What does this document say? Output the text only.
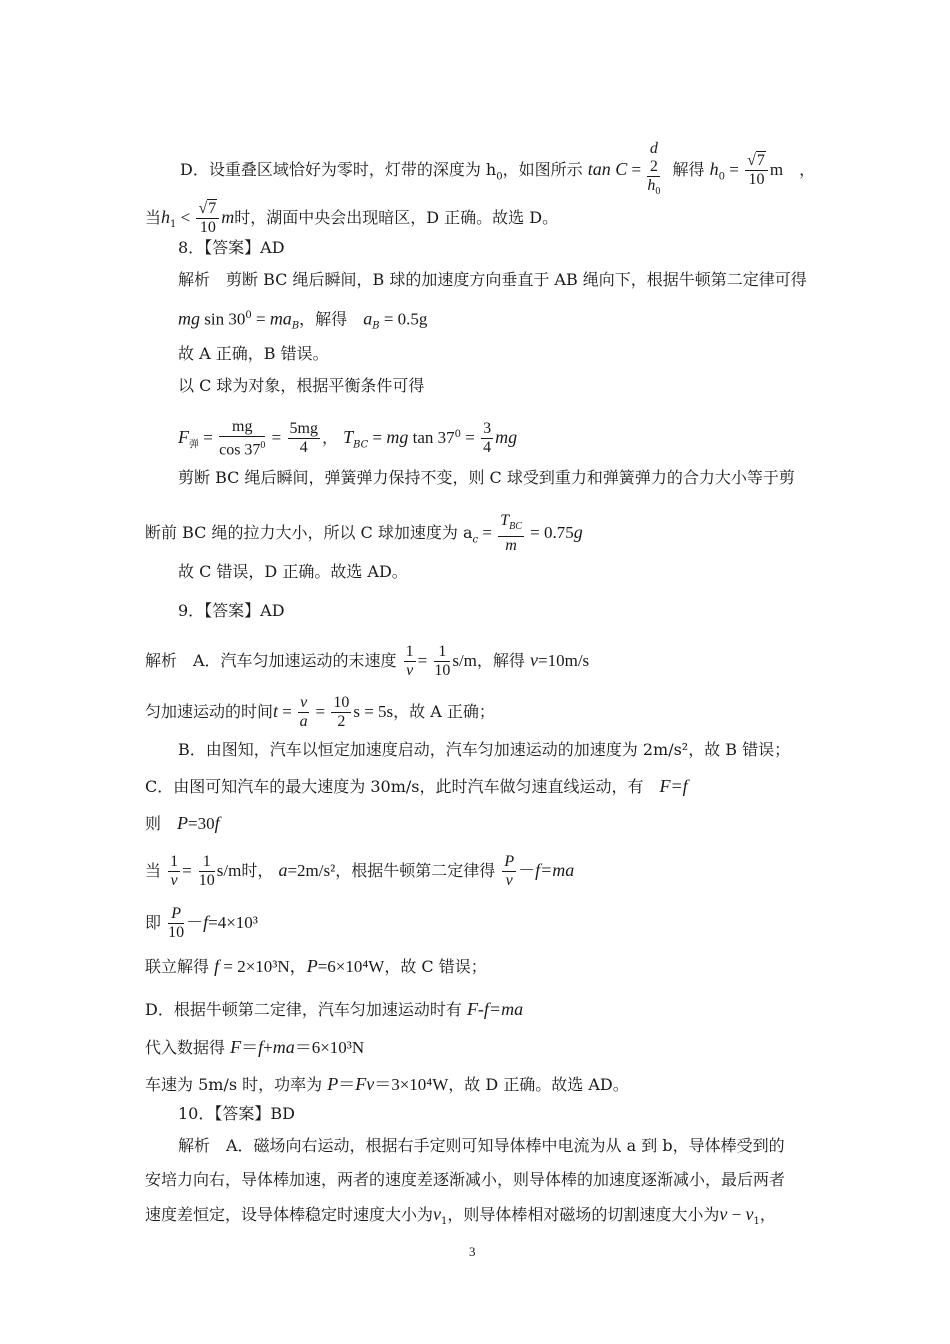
D．设重叠区域恰好为零时，灯带的深度为 $h_0$，如图所示 tan C =
d
2
$h_0$
解得 $h_0 = \frac{√7}{10}$ m　，
当$h_1 < \frac{√7}{10}$ m时，湖面中央会出现暗区，D 正确。故选 D。
8．【答案】AD
解析　剪断 BC 绳后瞬间，B 球的加速度方向垂直于 AB 绳向下，根据牛顿第二定律可得
mg $\sin 30^0 = ma_B$，解得　 $a_B = 0.5g$
故 A 正确，B 错误。
以 C 球为对象，根据平衡条件可得
$F_弹 = \frac{mg}{\cos 37^0} = \frac{5mg}{4}$ ， $T_{BC}$ = mg $\tan 37^0 = \frac{3}{4}$ mg
剪断 BC 绳后瞬间，弹簧弹力保持不变，则 C 球受到重力和弹簧弹力的合力大小等于剪
断前 BC 绳的拉力大小，所以 C 球加速度为 $a_c = \frac{T_{BC}}{m} = 0.75g$
故 C 错误，D 正确。故选 AD。
9．【答案】AD
解析　A．汽车匀加速运动的末速度 $\frac{1}{v} = \frac{1}{10} s/m$，解得 v=10m/s
匀加速运动的时间$t = \frac{v}{a} = \frac{10}{2}$ s = 5s，故 A 正确；
B．由图知，汽车以恒定加速度启动，汽车匀加速运动的加速度为 2m/s²，故 B 错误；
C．由图可知汽车的最大速度为 30m/s，此时汽车做匀速直线运动，有　 F=f
则　 P=30f
当 $\frac{1}{v} = \frac{1}{10} s/m$时， a=2m/s²，根据牛顿第二定律得 $\frac{P}{v} -f=ma$
即 $\frac{P}{10} -f=4\times 10^3$
联立解得 f = 2×10³N，P=6×10⁴W，故 C 错误；
D．根据牛顿第二定律，汽车匀加速运动时有 F-f=ma
代入数据得 F＝f+ma＝6×10³N
车速为 5m/s 时，功率为 P＝Fv＝3×10⁴W，故 D 正确。故选 AD。
10．【答案】BD
解析　A．磁场向右运动，根据右手定则可知导体棒中电流为从 a 到 b，导体棒受到的
安培力向右，导体棒加速，两者的速度差逐渐减小，则导体棒的加速度逐渐减小，最后两者
速度差恒定，设导体棒稳定时速度大小为$v_1$，则导体棒相对磁场的切割速度大小为$v - v_1$，
3
